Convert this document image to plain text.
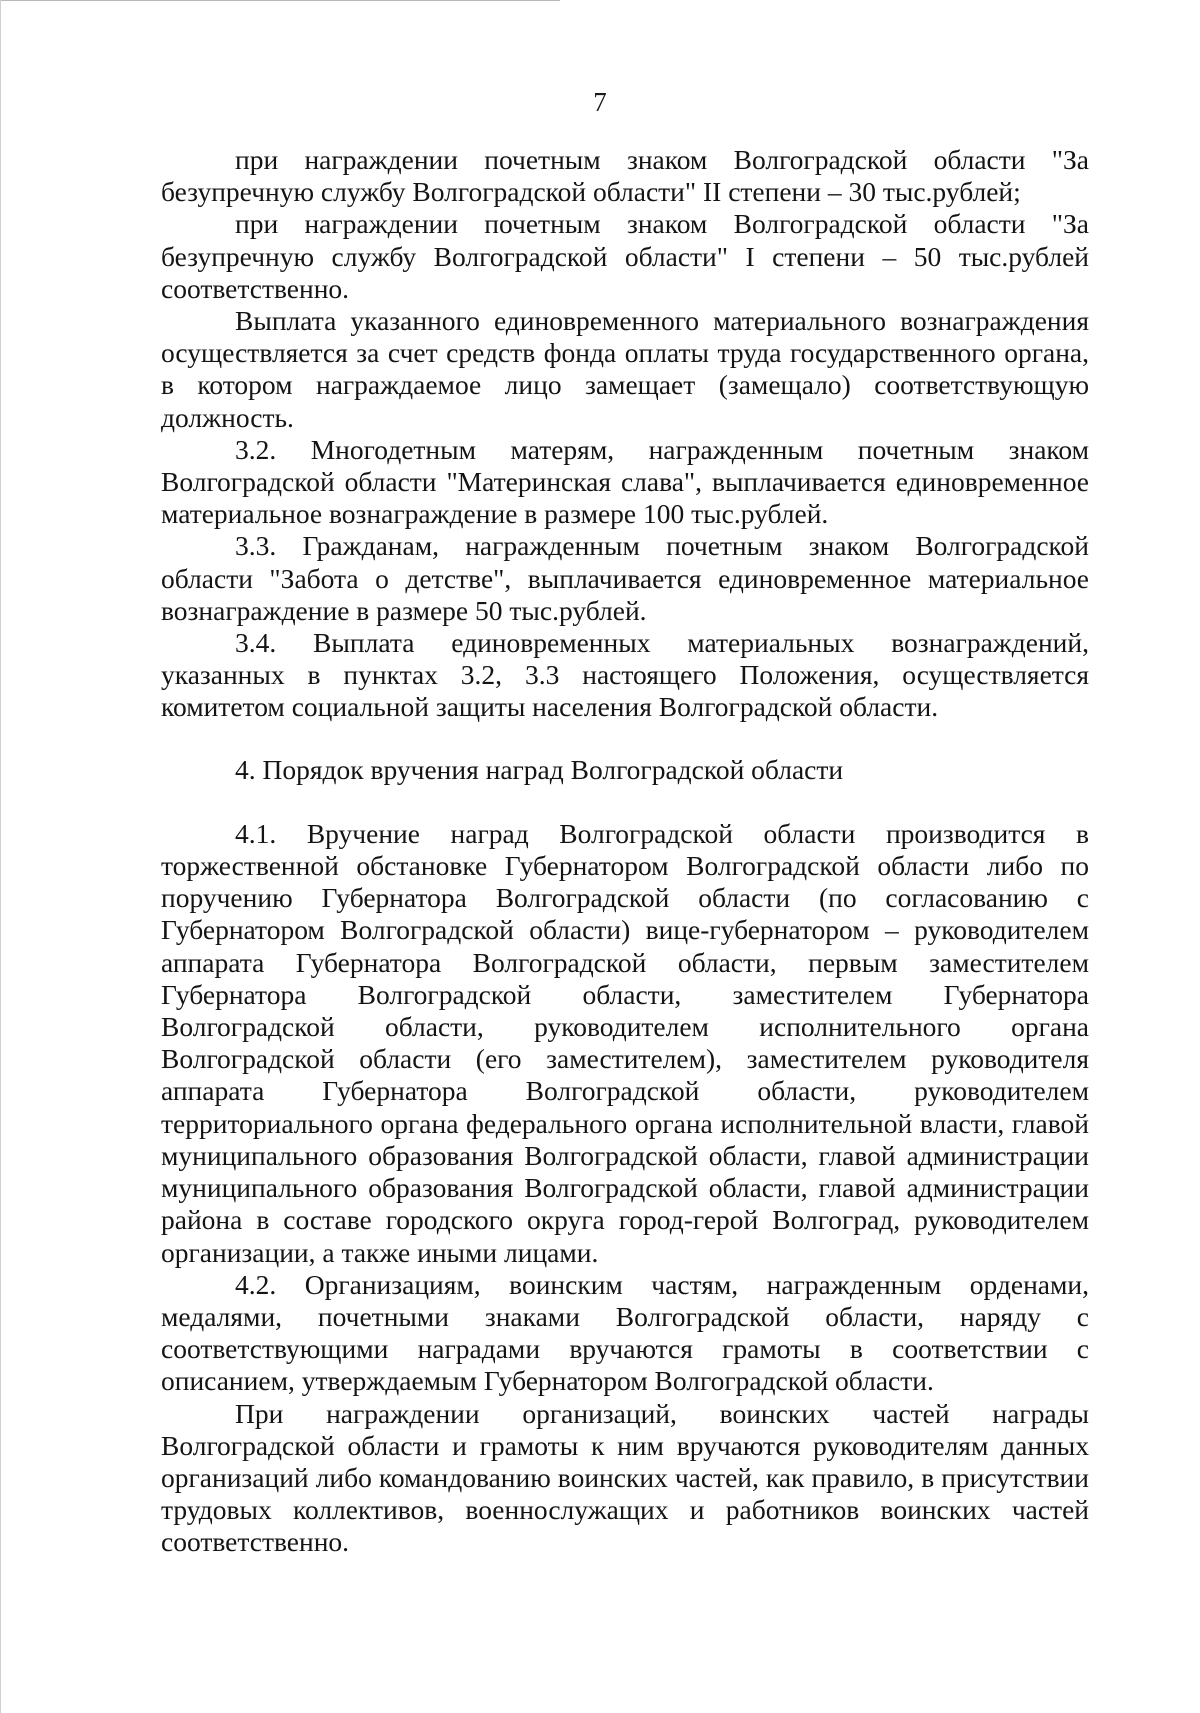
7

при награждении почетным знаком Волгоградской области "За безупречную службу Волгоградской области" II степени – 30 тыс.рублей;

при награждении почетным знаком Волгоградской области "За безупречную службу Волгоградской области" I степени – 50 тыс.рублей соответственно.

Выплата указанного единовременного материального вознаграждения осуществляется за счет средств фонда оплаты труда государственного органа, в котором награждаемое лицо замещает (замещало) соответствующую должность.

3.2. Многодетным матерям, награжденным почетным знаком Волгоградской области "Материнская слава", выплачивается единовременное материальное вознаграждение в размере 100 тыс.рублей.

3.3. Гражданам, награжденным почетным знаком Волгоградской области "Забота о детстве", выплачивается единовременное материальное вознаграждение в размере 50 тыс.рублей.

3.4. Выплата единовременных материальных вознаграждений, указанных в пунктах 3.2, 3.3 настоящего Положения, осуществляется комитетом социальной защиты населения Волгоградской области.

4. Порядок вручения наград Волгоградской области

4.1. Вручение наград Волгоградской области производится в торжественной обстановке Губернатором Волгоградской области либо по поручению Губернатора Волгоградской области (по согласованию с Губернатором Волгоградской области) вице-губернатором – руководителем аппарата Губернатора Волгоградской области, первым заместителем Губернатора Волгоградской области, заместителем Губернатора Волгоградской области, руководителем исполнительного органа Волгоградской области (его заместителем), заместителем руководителя аппарата Губернатора Волгоградской области, руководителем территориального органа федерального органа исполнительной власти, главой муниципального образования Волгоградской области, главой администрации муниципального образования Волгоградской области, главой администрации района в составе городского округа город-герой Волгоград, руководителем организации, а также иными лицами.

4.2. Организациям, воинским частям, награжденным орденами, медалями, почетными знаками Волгоградской области, наряду с соответствующими наградами вручаются грамоты в соответствии с описанием, утверждаемым Губернатором Волгоградской области.

При награждении организаций, воинских частей награды Волгоградской области и грамоты к ним вручаются руководителям данных организаций либо командованию воинских частей, как правило, в присутствии трудовых коллективов, военнослужащих и работников воинских частей соответственно.
